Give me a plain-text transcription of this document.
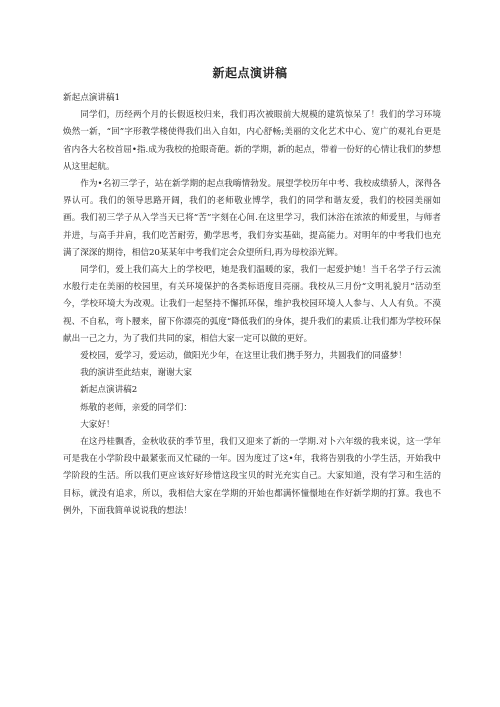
新起点演讲稿

新起点演讲稿1

同学们，历经两个月的长假返校归来，我们再次被眼前大规模的建筑惊呆了！我们的学习环境焕然一新，“回”字形教学楼使得我们出入自如，内心舒畅;美丽的文化艺术中心、宽广的观礼台更是省内各大名校首屈•指.成为我校的抢眼奇葩。新的学期，新的起点，带着一份好的心情让我们的梦想从这里起航。

作为•名初三学子，站在新学期的起点我嗨情勃发。展望学校历年中考、我校成绩骄人，深得各界认可。我们的领导思路开阔，我们的老师敬业博学，我们的同学和谐友爱，我们的校园美丽如画。我们初三学子从入学当天已将“苦”字刻在心间.在这里学习，我们沐浴在浓浓的师爱里，与师者并进，与高手并肩，我们吃苦耐劳，勤学思考，我们夯实基础，提高能力。对明年的中考我们也充满了深深的期待，相信20某某年中考我们定会众望所归,再为母校添光辉。

同学们，爱上我们高大上的学校吧，她是我们温暖的家，我们一起爱护她！当千名学子行云流水般行走在美丽的校园里，有关环境保护的各类标语度目亮丽。我校从三月份“文明礼貌月”活动至今，学校环境大为改观。让我们一起坚持不懈抓环保，维护我校园环境人人参与、人人有负。不漠视、不自私，弯卜腰来，留下你漂亮的弧度“降低我们的身体，提升我们的素质.让我们都为学校环保献出一己之力，为了我们共同的家，相信大家一定可以做的更好。

爱校园，爱学习，爱运动，做阳光少年，在这里让我们携手努力，共圆我们的同盛梦！

我的演讲至此结束，谢谢大家

新起点演讲稿2

烁敬的老师，亲爱的同学们：

大家好！

在这丹桂飘香，金秋收获的季节里，我们又迎来了新的一学期.对卜六年级的我来说，这一学年可是我在小学阶段中最紧张而又忙碌的一年。因为度过了这•年，我将告别我的小学生活，开始我中学阶段的生活。所以我们更应该好好珍惜这段宝贝的时光充实自己。大家知道，没有学习和生活的目标，就没有追求，所以，我相信大家在学期的开始也都满怀憧憬地在作好新学期的打算。我也不例外，下面我简单说说我的想法！
